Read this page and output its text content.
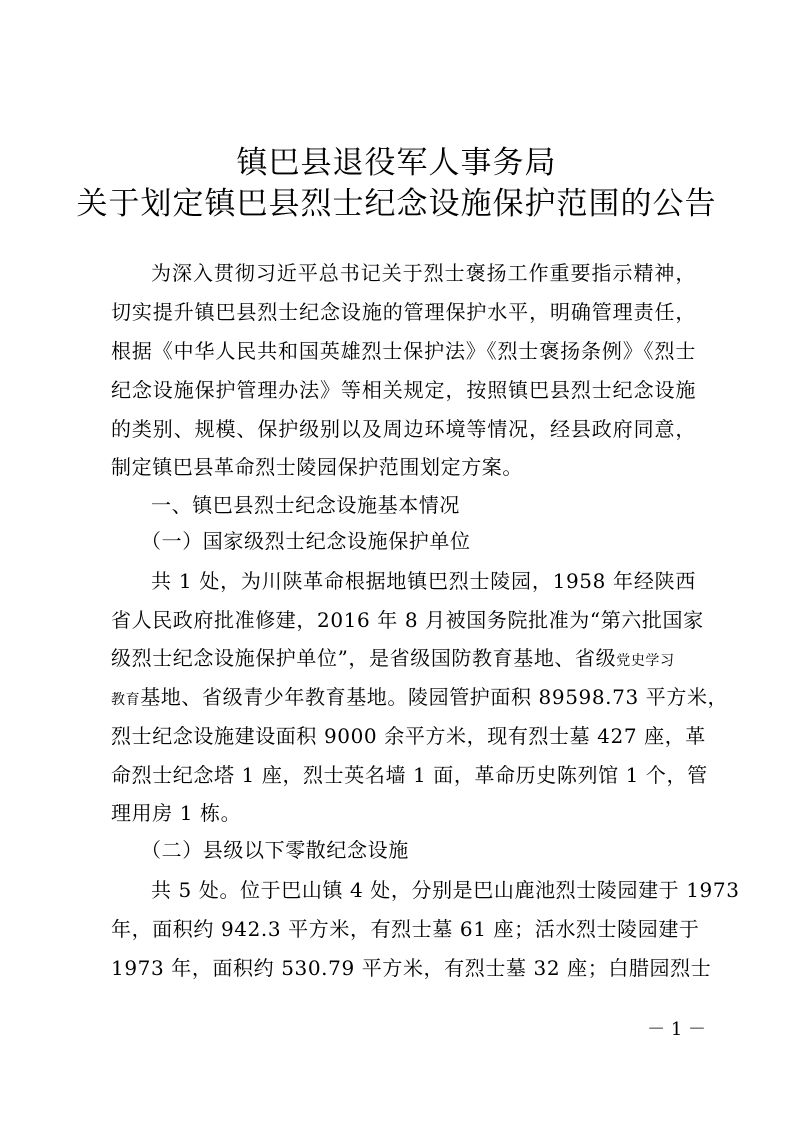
镇巴县退役军人事务局
关于划定镇巴县烈士纪念设施保护范围的公告
为深入贯彻习近平总书记关于烈士褒扬工作重要指示精神，
切实提升镇巴县烈士纪念设施的管理保护水平，明确管理责任，
根据《中华人民共和国英雄烈士保护法》《烈士褒扬条例》《烈士
纪念设施保护管理办法》等相关规定，按照镇巴县烈士纪念设施
的类别、规模、保护级别以及周边环境等情况，经县政府同意，
制定镇巴县革命烈士陵园保护范围划定方案。
一、镇巴县烈士纪念设施基本情况
（一）国家级烈士纪念设施保护单位
共 1 处，为川陕革命根据地镇巴烈士陵园，1958 年经陕西
省人民政府批准修建，2016 年 8 月被国务院批准为“第六批国家
级烈士纪念设施保护单位”，是省级国防教育基地、省级党史学习
教育基地、省级青少年教育基地。陵园管护面积 89598.73 平方米，
烈士纪念设施建设面积 9000 余平方米，现有烈士墓 427 座，革
命烈士纪念塔 1 座，烈士英名墙 1 面，革命历史陈列馆 1 个，管
理用房 1 栋。
（二）县级以下零散纪念设施
共 5 处。位于巴山镇 4 处，分别是巴山鹿池烈士陵园建于 1973
年，面积约 942.3 平方米，有烈士墓 61 座；活水烈士陵园建于
1973 年，面积约 530.79 平方米，有烈士墓 32 座；白腊园烈士
－ 1 －
